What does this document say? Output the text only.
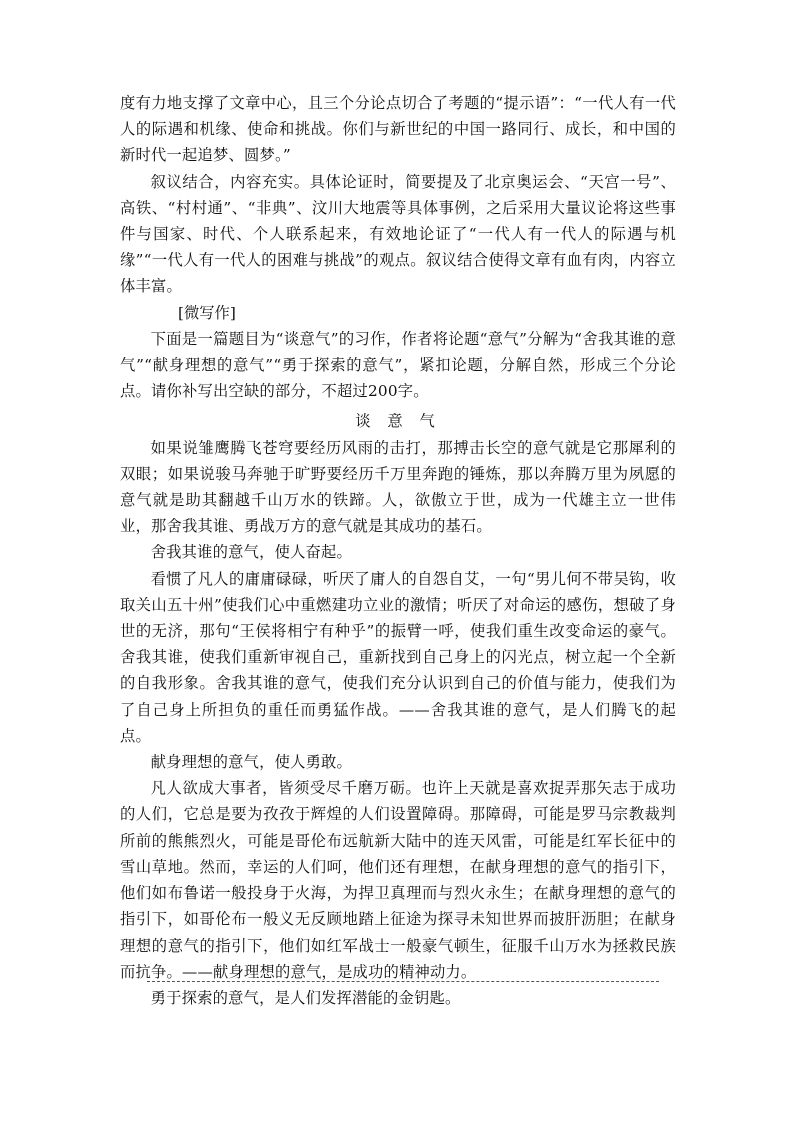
度有力地支撑了文章中心，且三个分论点切合了考题的“提示语”：“一代人有一代人的际遇和机缘、使命和挑战。你们与新世纪的中国一路同行、成长，和中国的新时代一起追梦、圆梦。”

叙议结合，内容充实。具体论证时，简要提及了北京奥运会、“天宫一号”、高铁、“村村通”、“非典”、汶川大地震等具体事例，之后采用大量议论将这些事件与国家、时代、个人联系起来，有效地论证了“一代人有一代人的际遇与机缘”“一代人有一代人的困难与挑战”的观点。叙议结合使得文章有血有肉，内容立体丰富。

[微写作]

下面是一篇题目为“谈意气”的习作，作者将论题“意气”分解为“舍我其谁的意气”“献身理想的意气”“勇于探索的意气”，紧扣论题，分解自然，形成三个分论点。请你补写出空缺的部分，不超过200字。

谈 意 气

如果说雏鹰腾飞苍穹要经历风雨的击打，那搏击长空的意气就是它那犀利的双眼；如果说骏马奔驰于旷野要经历千万里奔跑的锤炼，那以奔腾万里为夙愿的意气就是助其翻越千山万水的铁蹄。人，欲傲立于世，成为一代雄主立一世伟业，那舍我其谁、勇战万方的意气就是其成功的基石。

舍我其谁的意气，使人奋起。

看惯了凡人的庸庸碌碌，听厌了庸人的自怨自艾，一句“男儿何不带吴钩，收取关山五十州”使我们心中重燃建功立业的激情；听厌了对命运的感伤，想破了身世的无济，那句“王侯将相宁有种乎”的振臂一呼，使我们重生改变命运的豪气。舍我其谁，使我们重新审视自己，重新找到自己身上的闪光点，树立起一个全新的自我形象。舍我其谁的意气，使我们充分认识到自己的价值与能力，使我们为了自己身上所担负的重任而勇猛作战。——舍我其谁的意气，是人们腾飞的起点。

献身理想的意气，使人勇敢。

凡人欲成大事者，皆须受尽千磨万砺。也许上天就是喜欢捉弄那矢志于成功的人们，它总是要为孜孜于辉煌的人们设置障碍。那障碍，可能是罗马宗教裁判所前的熊熊烈火，可能是哥伦布远航新大陆中的连天风雷，可能是红军长征中的雪山草地。然而，幸运的人们呵，他们还有理想，在献身理想的意气的指引下，他们如布鲁诺一般投身于火海，为捍卫真理而与烈火永生；在献身理想的意气的指引下，如哥伦布一般义无反顾地踏上征途为探寻未知世界而披肝沥胆；在献身理想的意气的指引下，他们如红军战士一般豪气顿生，征服千山万水为拯救民族而抗争。——献身理想的意气，是成功的精神动力。

勇于探索的意气，是人们发挥潜能的金钥匙。
